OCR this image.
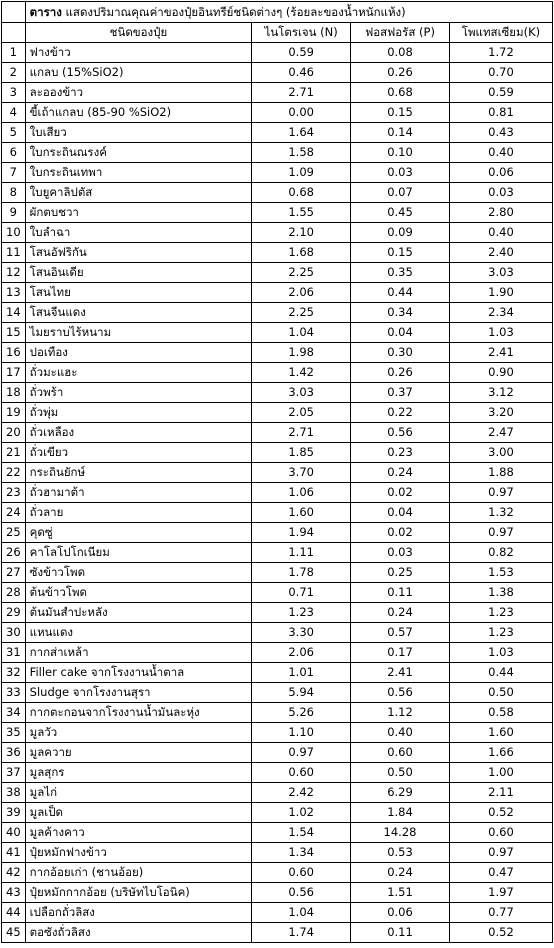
	ตาราง แสดงปริมาณคุณค่าของปุ๋ยอินทรีย์ชนิดต่างๆ (ร้อยละของน้ำหนักแห้ง)			
	ชนิดของปุ๋ย	ไนโตรเจน (N)	ฟอสฟอรัส (P)	โพแทสเซียม(K)
1	ฟางข้าว	0.59	0.08	1.72
2	แกลบ (15%SiO2)	0.46	0.26	0.70
3	ละอองข้าว	2.71	0.68	0.59
4	ขี้เถ้าแกลบ (85-90 %SiO2)	0.00	0.15	0.81
5	ใบเสียว	1.64	0.14	0.43
6	ใบกระถินณรงค์	1.58	0.10	0.40
7	ใบกระถินเทพา	1.09	0.03	0.06
8	ใบยูคาลิปตัส	0.68	0.07	0.03
9	ผักตบชวา	1.55	0.45	2.80
10	ใบลำฉา	2.10	0.09	0.40
11	โสนอัฟริกัน	1.68	0.15	2.40
12	โสนอินเดีย	2.25	0.35	3.03
13	โสนไทย	2.06	0.44	1.90
14	โสนจีนแดง	2.25	0.34	2.34
15	ไมยราบไร้หนาม	1.04	0.04	1.03
16	ปอเทือง	1.98	0.30	2.41
17	ถั่วมะแฮะ	1.42	0.26	0.90
18	ถั่วพร้า	3.03	0.37	3.12
19	ถั่วพุ่ม	2.05	0.22	3.20
20	ถั่วเหลือง	2.71	0.56	2.47
21	ถั่วเขียว	1.85	0.23	3.00
22	กระถินยักษ์	3.70	0.24	1.88
23	ถั่วฮามาต้า	1.06	0.02	0.97
24	ถั่วลาย	1.60	0.04	1.32
25	คุดซู่	1.94	0.02	0.97
26	คาโลโปโกเนียม	1.11	0.03	0.82
27	ซังข้าวโพด	1.78	0.25	1.53
28	ต้นข้าวโพด	0.71	0.11	1.38
29	ต้นมันสำปะหลัง	1.23	0.24	1.23
30	แหนแดง	3.30	0.57	1.23
31	กากส่าเหล้า	2.06	0.17	1.03
32	Filler cake จากโรงงานน้ำตาล	1.01	2.41	0.44
33	Sludge จากโรงงานสุรา	5.94	0.56	0.50
34	กากตะกอนจากโรงงานน้ำมันละหุ่ง	5.26	1.12	0.58
35	มูลวัว	1.10	0.40	1.60
36	มูลควาย	0.97	0.60	1.66
37	มูลสุกร	0.60	0.50	1.00
38	มูลไก่	2.42	6.29	2.11
39	มูลเป็ด	1.02	1.84	0.52
40	มูลค้างคาว	1.54	14.28	0.60
41	ปุ๋ยหมักฟางข้าว	1.34	0.53	0.97
42	กากอ้อยเก่า (ชานอ้อย)	0.60	0.24	0.47
43	ปุ๋ยหมักกากอ้อย (บริษัทไบโอนิค)	0.56	1.51	1.97
44	เปลือกถั่วลิสง	1.04	0.06	0.77
45	ตอซังถั่วลิสง	1.74	0.11	0.52
